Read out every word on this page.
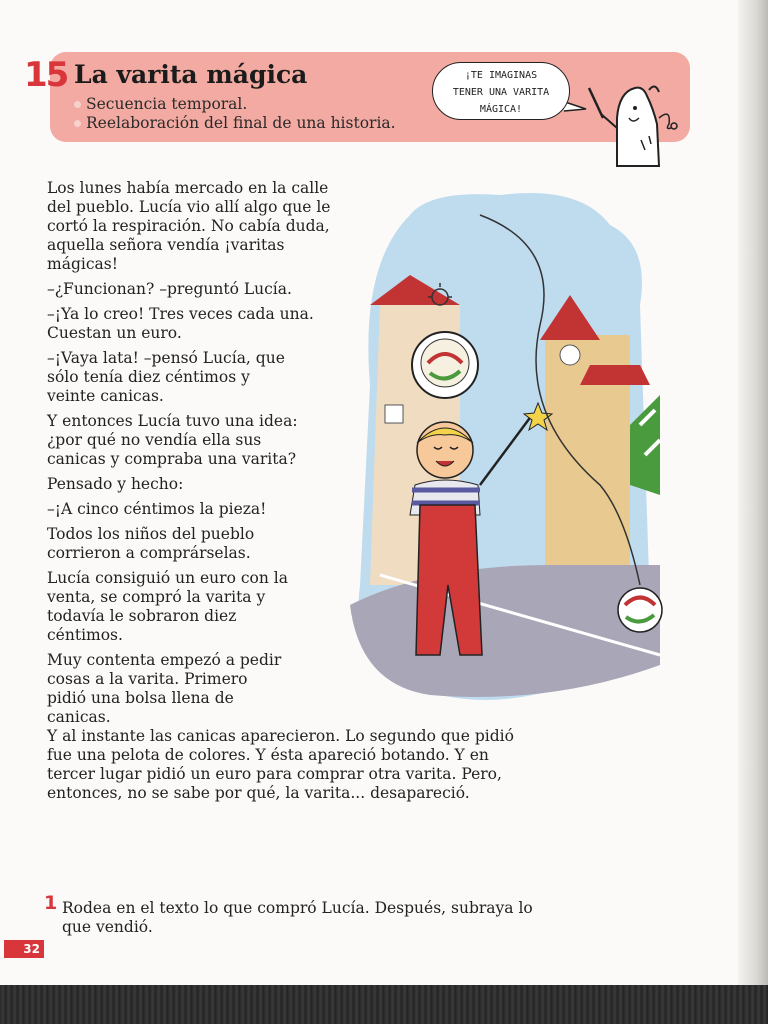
15 La varita mágica
Secuencia temporal.
Reelaboración del final de una historia.
¡TE IMAGINAS
TENER UNA VARITA
MÁGICA!

Los lunes había mercado en la calle del pueblo. Lucía vio allí algo que le cortó la respiración. No cabía duda, aquella señora vendía ¡varitas mágicas!

–¿Funcionan? –preguntó Lucía.

–¡Ya lo creo! Tres veces cada una. Cuestan un euro.

–¡Vaya lata! –pensó Lucía, que sólo tenía diez céntimos y veinte canicas.

Y entonces Lucía tuvo una idea: ¿por qué no vendía ella sus canicas y compraba una varita?

Pensado y hecho:

–¡A cinco céntimos la pieza!

Todos los niños del pueblo corrieron a comprárselas.

Lucía consiguió un euro con la venta, se compró la varita y todavía le sobraron diez céntimos.

Muy contenta empezó a pedir cosas a la varita. Primero pidió una bolsa llena de canicas.

Y al instante las canicas aparecieron. Lo segundo que pidió fue una pelota de colores. Y ésta apareció botando. Y en tercer lugar pidió un euro para comprar otra varita. Pero, entonces, no se sabe por qué, la varita... desapareció.

1 Rodea en el texto lo que compró Lucía. Después, subraya lo que vendió.
32
